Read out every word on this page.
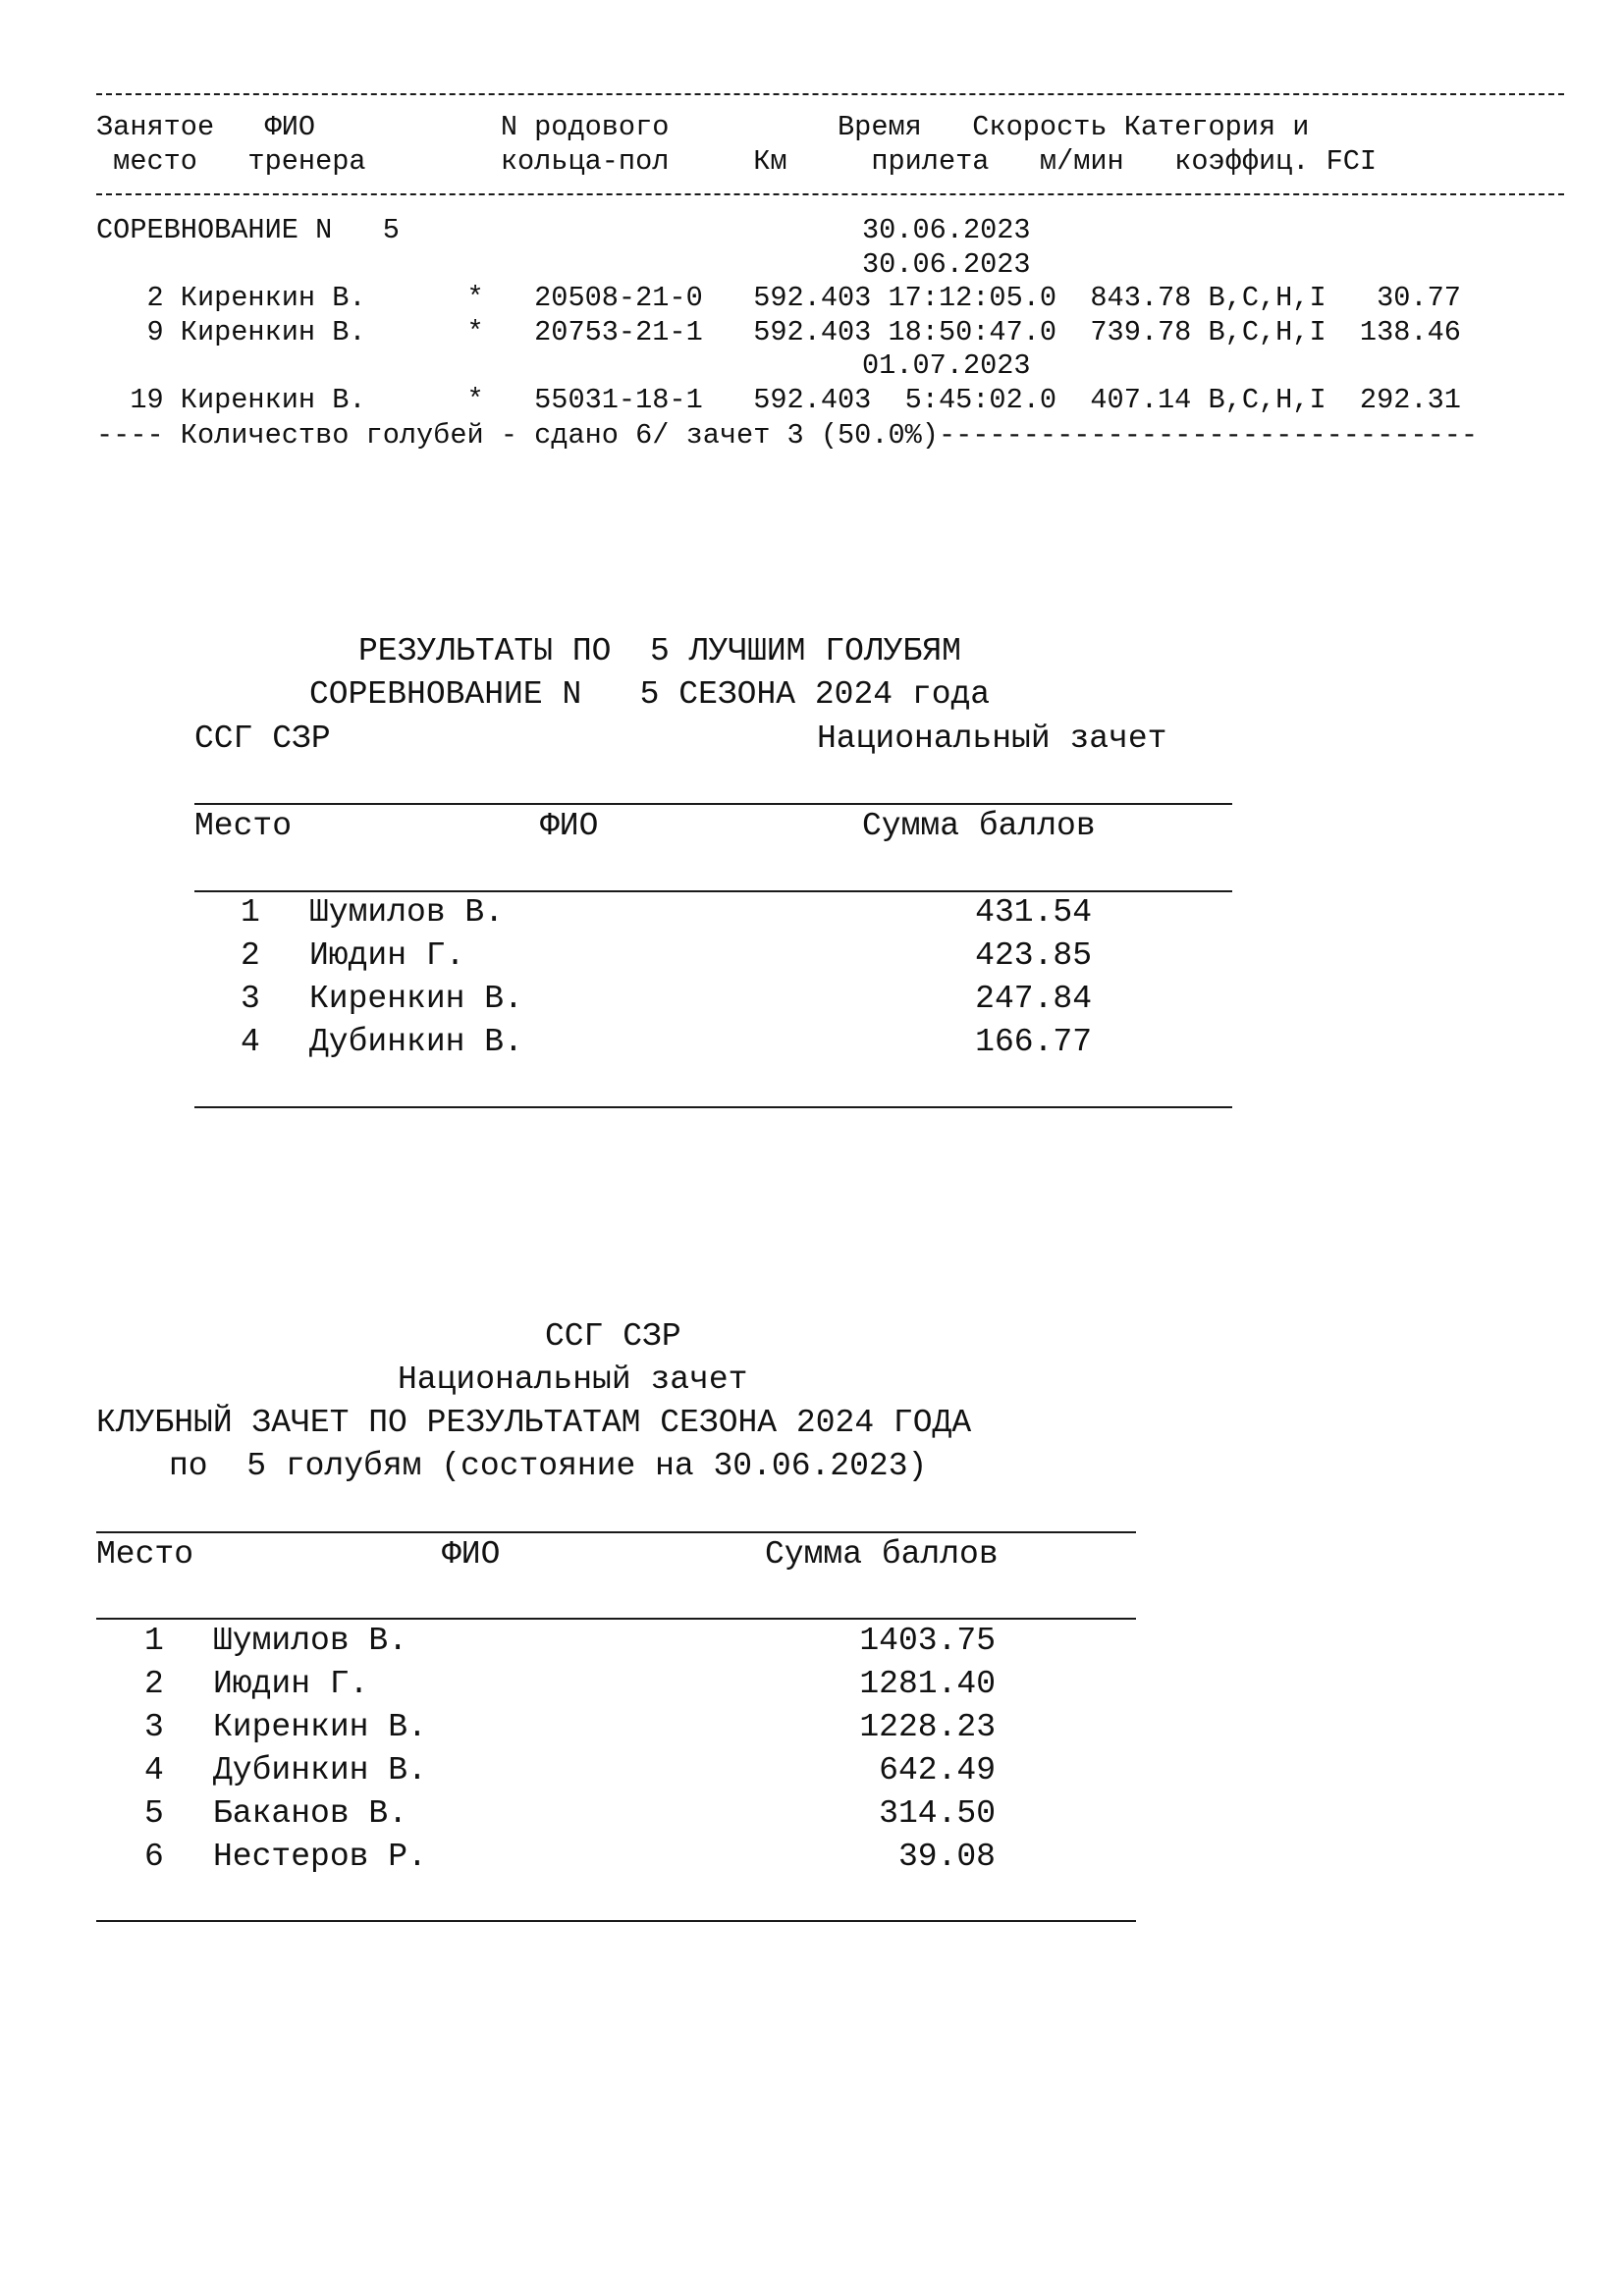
Занятое   ФИО           N родового          Время   Скорость Категория и
место   тренера        кольца-пол     Км     прилета   м/мин   коэффиц. FCI
СОРЕВНОВАНИЕ N   5	30.06.2023
30.06.2023
2 Киренкин В.      *   20508-21-0   592.403 17:12:05.0  843.78 B,C,H,I   30.77
9 Киренкин В.      *   20753-21-1   592.403 18:50:47.0  739.78 B,C,H,I  138.46
01.07.2023
19 Киренкин В.      *   55031-18-1   592.403  5:45:02.0  407.14 B,C,H,I  292.31
---- Количество голубей - сдано 6/ зачет 3 (50.0%)--------------------------------
РЕЗУЛЬТАТЫ ПО  5 ЛУЧШИМ ГОЛУБЯМ
СОРЕВНОВАНИЕ N   5 СЕЗОНА 2024 года
ССГ СЗР	Национальный зачет
Место	ФИО	Сумма баллов
1 Шумилов В.	431.54
2 Июдин Г.	423.85
3 Киренкин В.	247.84
4 Дубинкин В.	166.77
ССГ СЗР
Национальный зачет
КЛУБНЫЙ ЗАЧЕТ ПО РЕЗУЛЬТАТАМ СЕЗОНА 2024 ГОДА
по  5 голубям (состояние на 30.06.2023)
Место	ФИО	Сумма баллов
1 Шумилов В.	1403.75
2 Июдин Г.	1281.40
3 Киренкин В.	1228.23
4 Дубинкин В.	642.49
5 Баканов В.	314.50
6 Нестеров Р.	39.08
